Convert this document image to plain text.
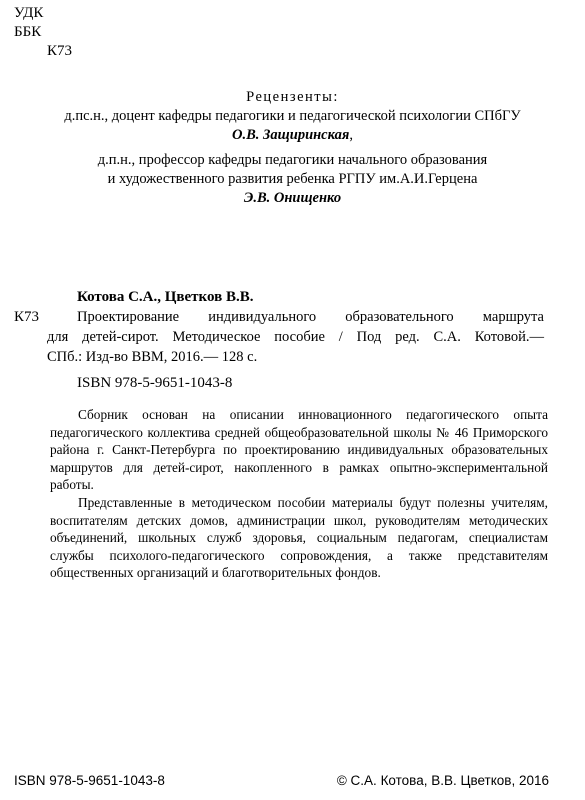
УДК
ББК
К73
Рецензенты:
д.пс.н., доцент кафедры педагогики и педагогической психологии СПбГУ
О.В. Защиринская,
д.п.н., профессор кафедры педагогики начального образования
и художественного развития ребенка РГПУ им.А.И.Герцена
Э.В. Онищенко
Котова С.А., Цветков В.В.
К73	Проектирование индивидуального образовательного маршрута
для детей-сирот. Методическое пособие / Под ред. С.А. Котовой.—
СПб.: Изд-во ВВМ, 2016.— 128 с.
ISBN 978-5-9651-1043-8

Сборник основан на описании инновационного педагогического опыта педагогического коллектива средней общеобразовательной школы № 46 Приморского района г. Санкт-Петербурга по проектированию индивидуальных образовательных маршрутов для детей-сирот, накопленного в рамках опытно-экспериментальной работы.

Представленные в методическом пособии материалы будут полезны учителям, воспитателям детских домов, администрации школ, руководителям методических объединений, школьных служб здоровья, социальным педагогам, специалистам службы психолого-педагогического сопровождения, а также представителям общественных организаций и благотворительных фондов.

ISBN 978-5-9651-1043-8	© С.А. Котова, В.В. Цветков, 2016
